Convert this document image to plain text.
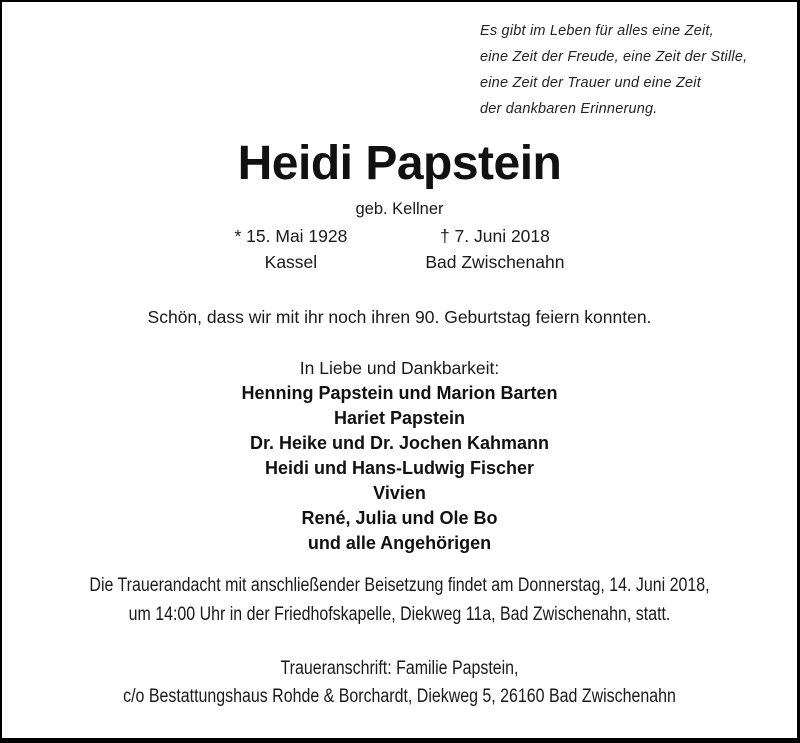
Es gibt im Leben für alles eine Zeit,
eine Zeit der Freude, eine Zeit der Stille,
eine Zeit der Trauer und eine Zeit
der dankbaren Erinnerung.
Heidi Papstein
geb. Kellner
* 15. Mai 1928
Kassel
† 7. Juni 2018
Bad Zwischenahn
Schön, dass wir mit ihr noch ihren 90. Geburtstag feiern konnten.
In Liebe und Dankbarkeit:
Henning Papstein und Marion Barten
Hariet Papstein
Dr. Heike und Dr. Jochen Kahmann
Heidi und Hans-Ludwig Fischer
Vivien
René, Julia und Ole Bo
und alle Angehörigen
Die Trauerandacht mit anschließender Beisetzung findet am Donnerstag, 14. Juni 2018,
um 14:00 Uhr in der Friedhofskapelle, Diekweg 11a, Bad Zwischenahn, statt.
Traueranschrift: Familie Papstein,
c/o Bestattungshaus Rohde & Borchardt, Diekweg 5, 26160 Bad Zwischenahn
